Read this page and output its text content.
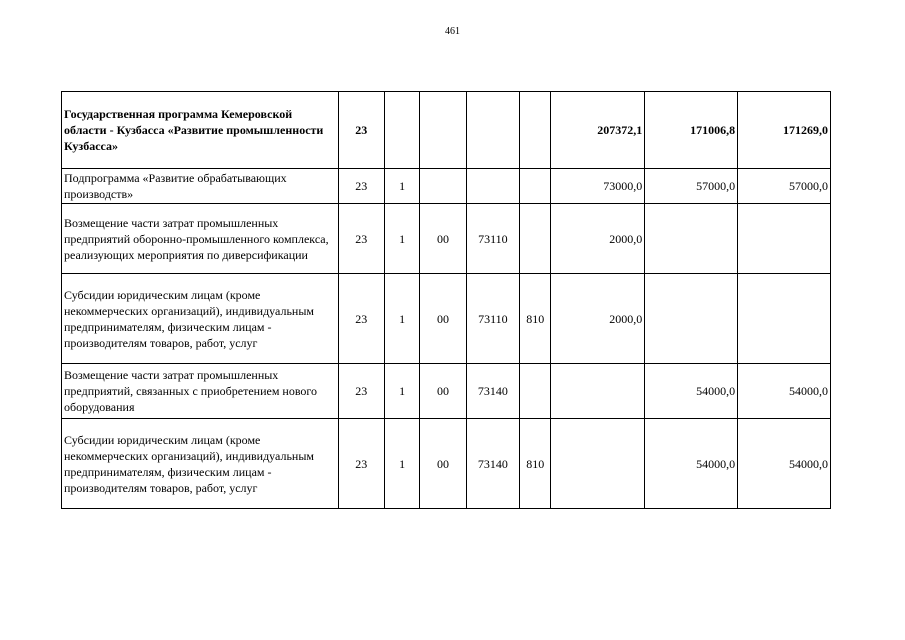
461
Государственная программа Кемеровской области - Кузбасса «Развитие промышленности Кузбасса»	23					207372,1	171006,8	171269,0
Подпрограмма «Развитие обрабатывающих производств»	23	1				73000,0	57000,0	57000,0
Возмещение части затрат промышленных предприятий оборонно-промышленного комплекса, реализующих мероприятия по диверсификации	23	1	00	73110		2000,0		
Субсидии юридическим лицам (кроме некоммерческих организаций), индивидуальным предпринимателям, физическим лицам - производителям товаров, работ, услуг	23	1	00	73110	810	2000,0		
Возмещение части затрат промышленных предприятий, связанных с приобретением нового оборудования	23	1	00	73140			54000,0	54000,0
Субсидии юридическим лицам (кроме некоммерческих организаций), индивидуальным предпринимателям, физическим лицам - производителям товаров, работ, услуг	23	1	00	73140	810		54000,0	54000,0
